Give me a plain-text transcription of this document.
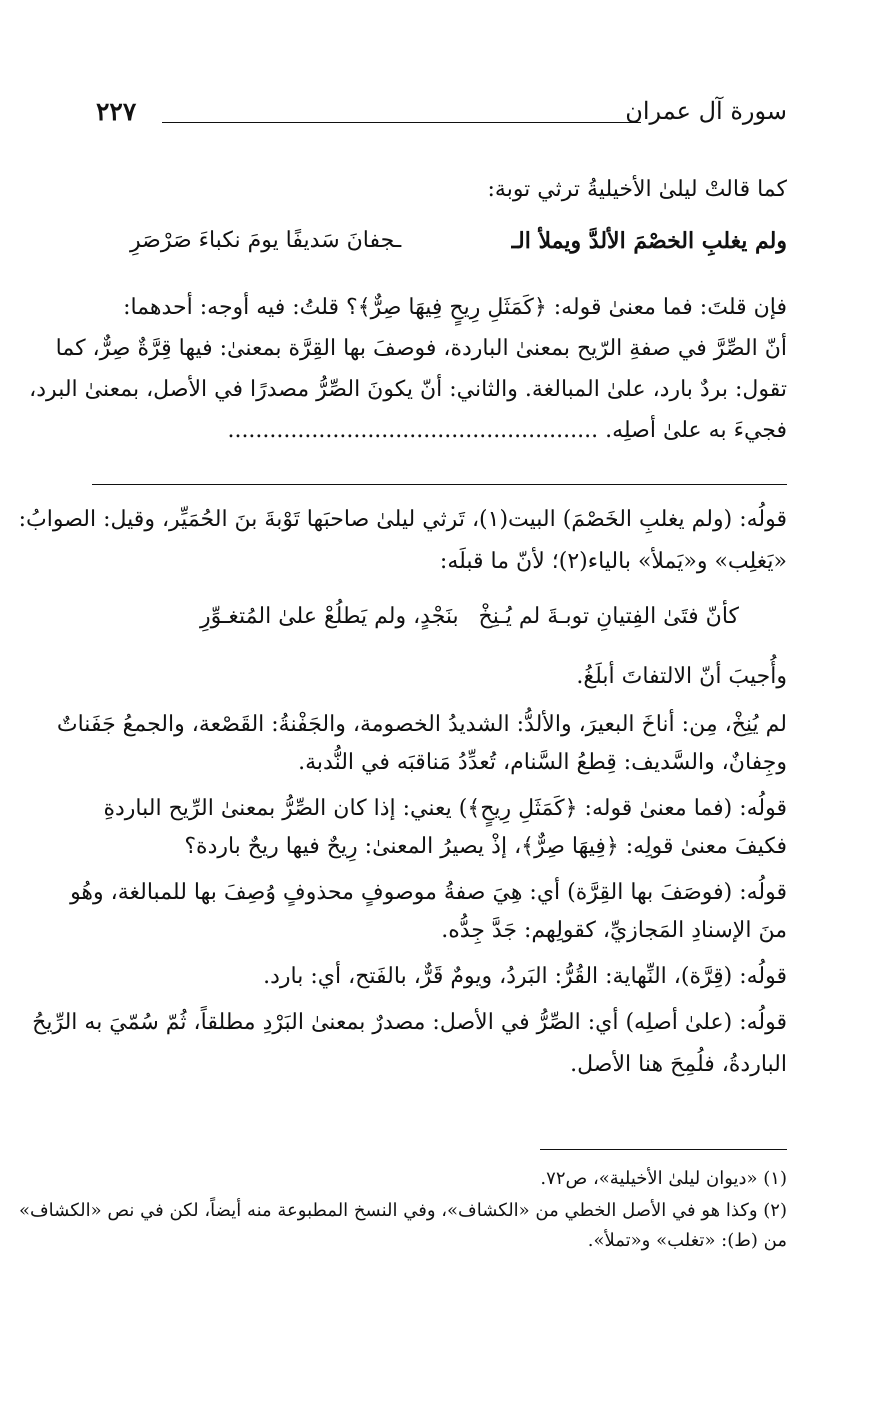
٢٢٧	سورة آل عمران
كما قالتْ ليلىٰ الأخيليةُ ترثي توبة:
ولم يغلبِ الخصْمَ الألدَّ ويملأ الـ
ـجفانَ سَديفًا يومَ نكباءَ صَرْصَرِ
فإن قلتَ: فما معنىٰ قوله: ﴿كَمَثَلِ رِيحٍ فِيهَا صِرٌّ﴾؟ قلتُ: فيه أوجه: أحدهما:
أنّ الصِّرَّ في صفةِ الرّيح بمعنىٰ الباردة، فوصفَ بها القِرَّة بمعنىٰ: فيها قِرَّةٌ صِرٌّ، كما
تقول: بردٌ بارد، علىٰ المبالغة. والثاني: أنّ يكونَ الصِّرُّ مصدرًا في الأصل، بمعنىٰ البرد،
فجيءَ به علىٰ أصلِه. .....................................................
قولُه: (ولم يغلبِ الخَصْمَ) البيت(١)، تَرثي ليلىٰ صاحبَها تَوْبةَ بنَ الحُمَيِّر، وقيل: الصوابُ:
«يَغلِب» و«يَملأ» بالياء(٢)؛ لأنّ ما قبلَه:
كأنّ فتَىٰ الفِتيانِ توبـةَ لم يُـنِخْ
بنَجْدٍ، ولم يَطلُعْ علىٰ المُتغـوِّرِ
وأُجيبَ أنّ الالتفاتَ أبلَغُ.
لم يُنِخْ، مِن: أناخَ البعيرَ، والألدُّ: الشديدُ الخصومة، والجَفْنةُ: القَصْعة، والجمعُ جَفَناتٌ
وجِفانٌ، والسَّديف: قِطعُ السَّنام، تُعدِّدُ مَناقبَه في النُّدبة.
قولُه: (فما معنىٰ قوله: ﴿كَمَثَلِ رِيحٍ﴾) يعني: إذا كان الصِّرُّ بمعنىٰ الرِّيح الباردةِ
فكيفَ معنىٰ قولِه: ﴿فِيهَا صِرٌّ﴾، إذْ يصيرُ المعنىٰ: رِيحٌ فيها ريحٌ باردة؟
قولُه: (فوصَفَ بها القِرَّة) أي: هِيَ صفةُ موصوفٍ محذوفٍ وُصِفَ بها للمبالغة، وهُو
منَ الإسنادِ المَجازيِّ، كقولِهم: جَدَّ جِدُّه.
قولُه: (قِرَّة)، النِّهاية: القُرُّ: البَردُ، ويومٌ قَرٌّ، بالفَتح، أي: بارد.
قولُه: (علىٰ أصلِه) أي: الصِّرُّ في الأصل: مصدرٌ بمعنىٰ البَرْدِ مطلقاً، ثُمّ سُمّيَ به الرِّيحُ
الباردةُ، فلُمِحَ هنا الأصل.
(١) «ديوان ليلىٰ الأخيلية»، ص٧٢.
(٢) وكذا هو في الأصل الخطي من «الكشاف»، وفي النسخ المطبوعة منه أيضاً، لكن في نص «الكشاف»
من (ط): «تغلب» و«تملأ».
